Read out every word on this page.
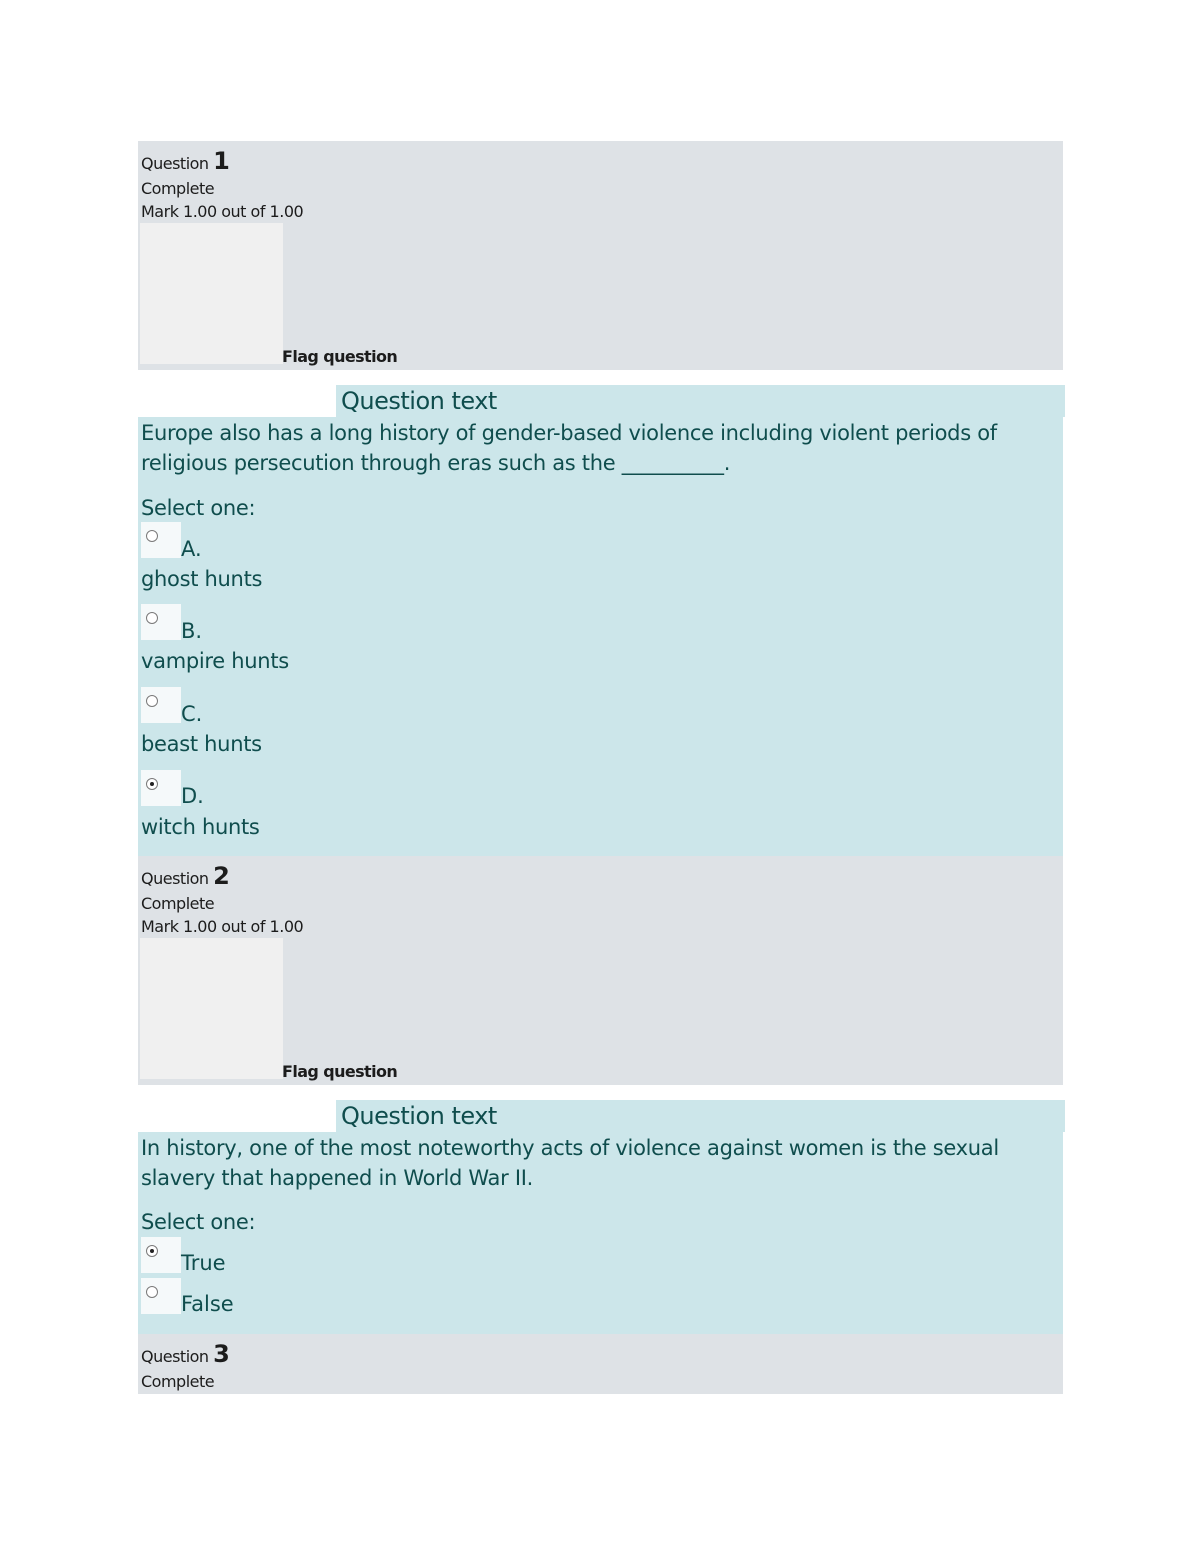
Question 1
Complete
Mark 1.00 out of 1.00
Flag question
Question text
Europe also has a long history of gender-based violence including violent periods of religious persecution through eras such as the __________.
Select one:
A.
ghost hunts
B.
vampire hunts
C.
beast hunts
D.
witch hunts
Question 2
Complete
Mark 1.00 out of 1.00
Flag question
Question text
In history, one of the most noteworthy acts of violence against women is the sexual slavery that happened in World War II.
Select one:
True
False
Question 3
Complete
